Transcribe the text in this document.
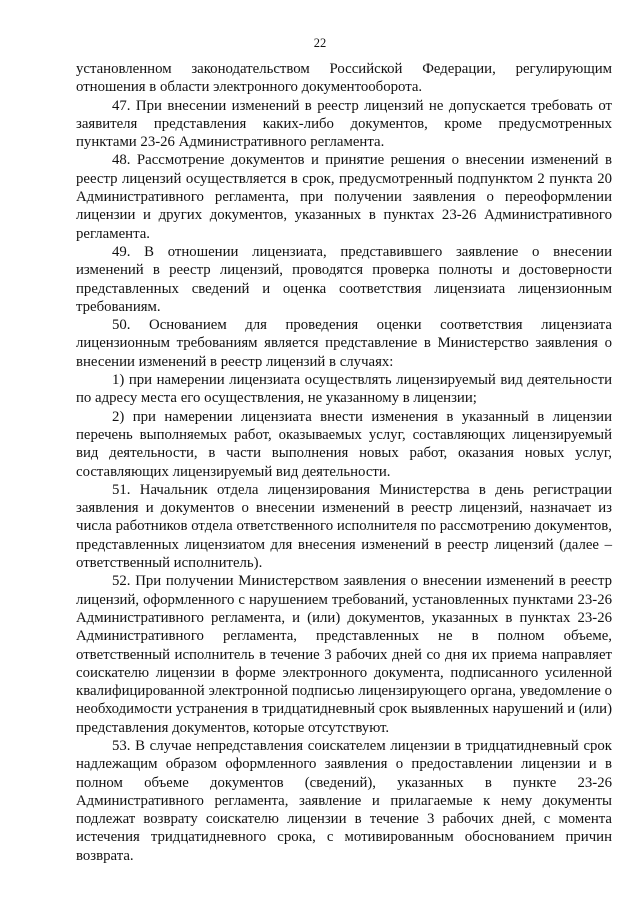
22

установленном законодательством Российской Федерации, регулирующим отношения в области электронного документооборота.

47. При внесении изменений в реестр лицензий не допускается требовать от заявителя представления каких-либо документов, кроме предусмотренных пунктами 23-26 Административного регламента.

48. Рассмотрение документов и принятие решения о внесении изменений в реестр лицензий осуществляется в срок, предусмотренный подпунктом 2 пункта 20 Административного регламента, при получении заявления о переоформлении лицензии и других документов, указанных в пунктах 23-26 Административного регламента.

49. В отношении лицензиата, представившего заявление о внесении изменений в реестр лицензий, проводятся проверка полноты и достоверности представленных сведений и оценка соответствия лицензиата лицензионным требованиям.

50. Основанием для проведения оценки соответствия лицензиата лицензионным требованиям является представление в Министерство заявления о внесении изменений в реестр лицензий в случаях:

1) при намерении лицензиата осуществлять лицензируемый вид деятельности по адресу места его осуществления, не указанному в лицензии;

2) при намерении лицензиата внести изменения в указанный в лицензии перечень выполняемых работ, оказываемых услуг, составляющих лицензируемый вид деятельности, в части выполнения новых работ, оказания новых услуг, составляющих лицензируемый вид деятельности.

51. Начальник отдела лицензирования Министерства в день регистрации заявления и документов о внесении изменений в реестр лицензий, назначает из числа работников отдела ответственного исполнителя по рассмотрению документов, представленных лицензиатом для внесения изменений в реестр лицензий (далее – ответственный исполнитель).

52. При получении Министерством заявления о внесении изменений в реестр лицензий, оформленного с нарушением требований, установленных пунктами 23-26 Административного регламента, и (или) документов, указанных в пунктах 23-26 Административного регламента, представленных не в полном объеме, ответственный исполнитель в течение 3 рабочих дней со дня их приема направляет соискателю лицензии в форме электронного документа, подписанного усиленной квалифицированной электронной подписью лицензирующего органа, уведомление о необходимости устранения в тридцатидневный срок выявленных нарушений и (или) представления документов, которые отсутствуют.

53. В случае непредставления соискателем лицензии в тридцатидневный срок надлежащим образом оформленного заявления о предоставлении лицензии и в полном объеме документов (сведений), указанных в пункте 23-26 Административного регламента, заявление и прилагаемые к нему документы подлежат возврату соискателю лицензии в течение 3 рабочих дней, с момента истечения тридцатидневного срока, с мотивированным обоснованием причин возврата.
